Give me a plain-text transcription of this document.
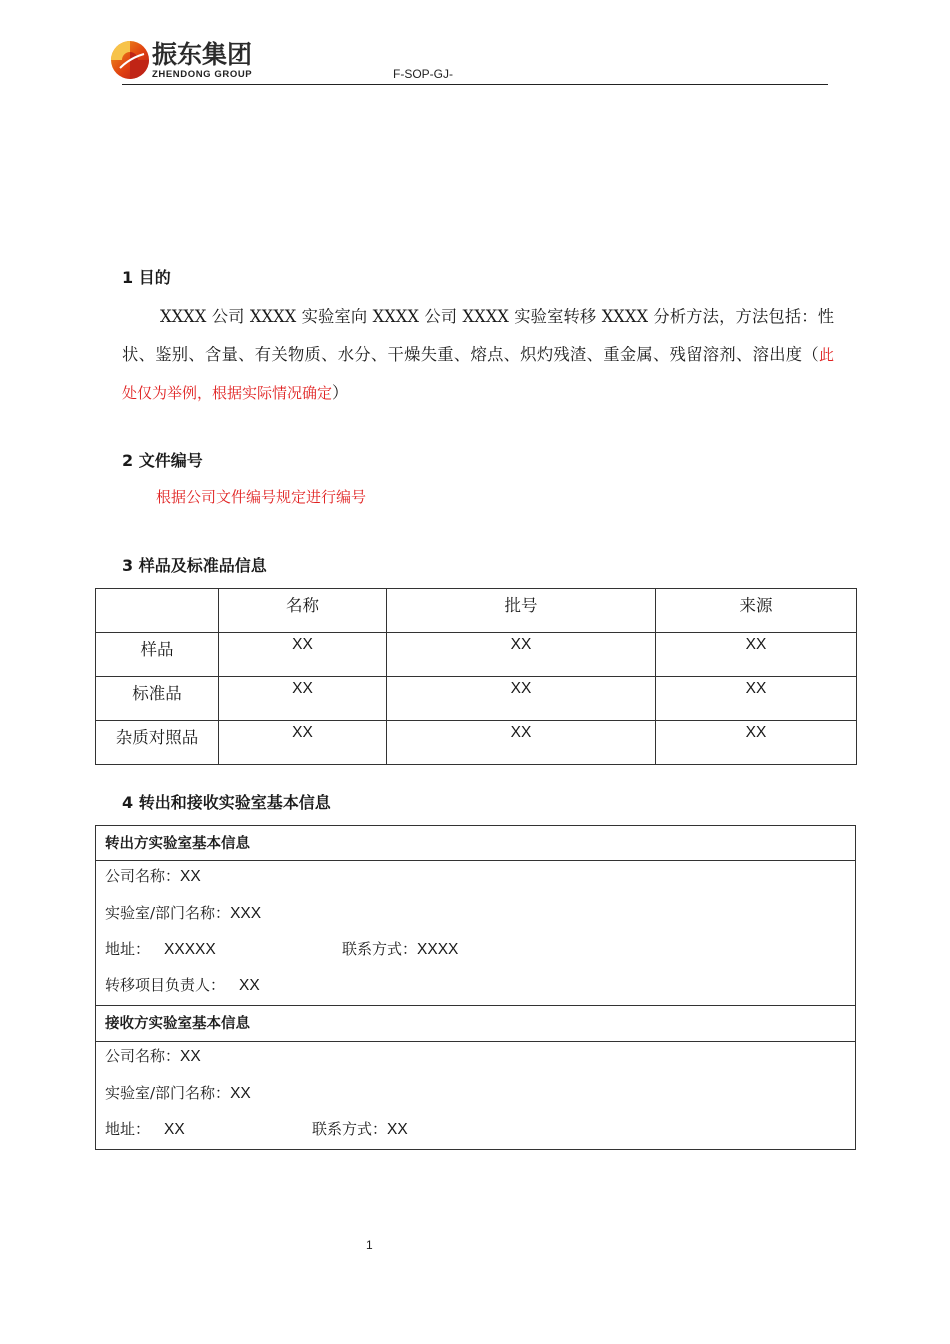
振东集团
ZHENDONG GROUP	F-SOP-GJ-
1 目的
XXXX 公司 XXXX 实验室向 XXXX 公司 XXXX 实验室转移 XXXX 分析方法，方法包括：性状、鉴别、含量、有关物质、水分、干燥失重、熔点、炽灼残渣、重金属、残留溶剂、溶出度（此处仅为举例，根据实际情况确定）
2 文件编号
根据公司文件编号规定进行编号
3 样品及标准品信息
	名称	批号	来源
样品	XX	XX	XX
标准品	XX	XX	XX
杂质对照品	XX	XX	XX
4 转出和接收实验室基本信息
转出方实验室基本信息
公司名称：XX
实验室/部门名称：XXX
地址： XXXXX	联系方式：XXXX
转移项目负责人： XX
接收方实验室基本信息
公司名称：XX
实验室/部门名称：XX
地址： XX	联系方式：XX
1
